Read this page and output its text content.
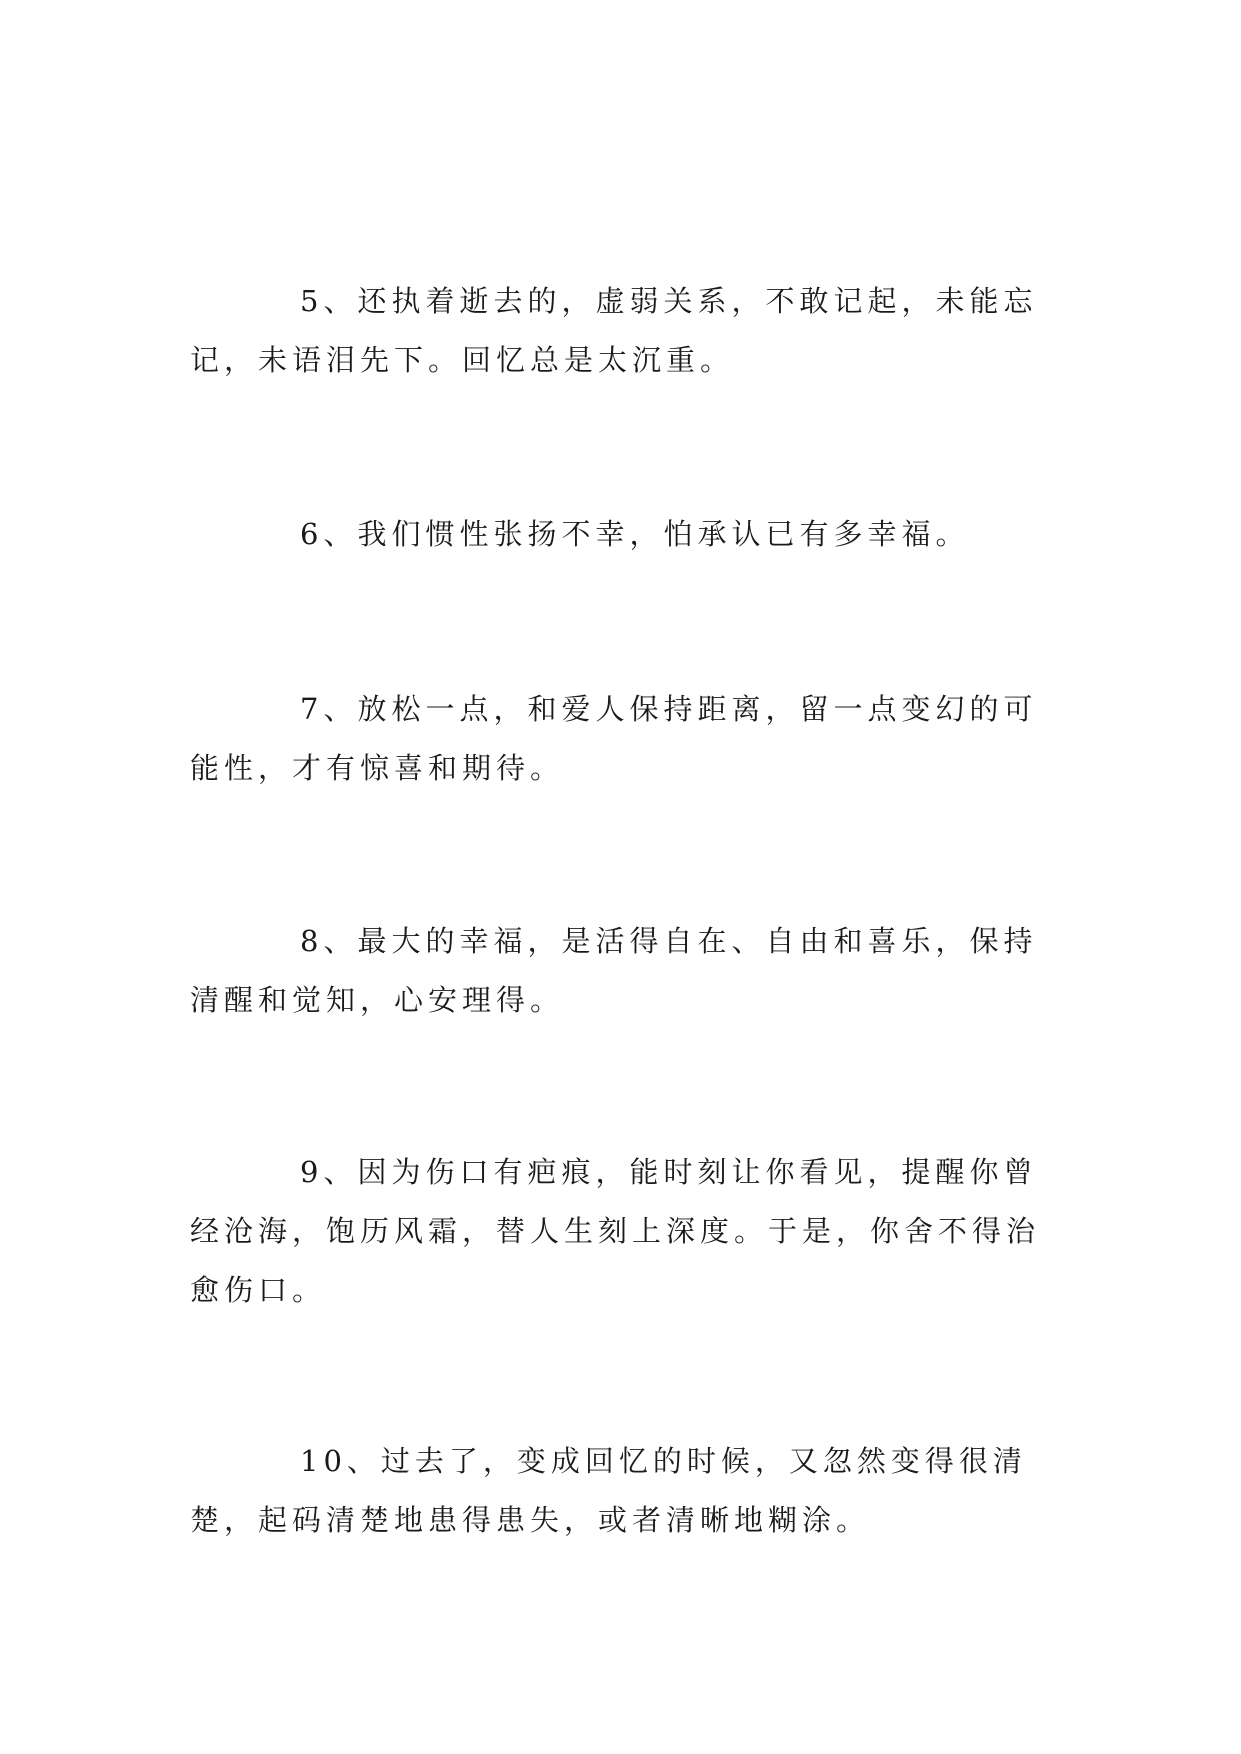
5、还执着逝去的，虚弱关系，不敢记起，未能忘记，未语泪先下。回忆总是太沉重。

6、我们惯性张扬不幸，怕承认已有多幸福。

7、放松一点，和爱人保持距离，留一点变幻的可能性，才有惊喜和期待。

8、最大的幸福，是活得自在、自由和喜乐，保持清醒和觉知，心安理得。

9、因为伤口有疤痕，能时刻让你看见，提醒你曾经沧海，饱历风霜，替人生刻上深度。于是，你舍不得治愈伤口。

10、过去了，变成回忆的时候，又忽然变得很清楚，起码清楚地患得患失，或者清晰地糊涂。
